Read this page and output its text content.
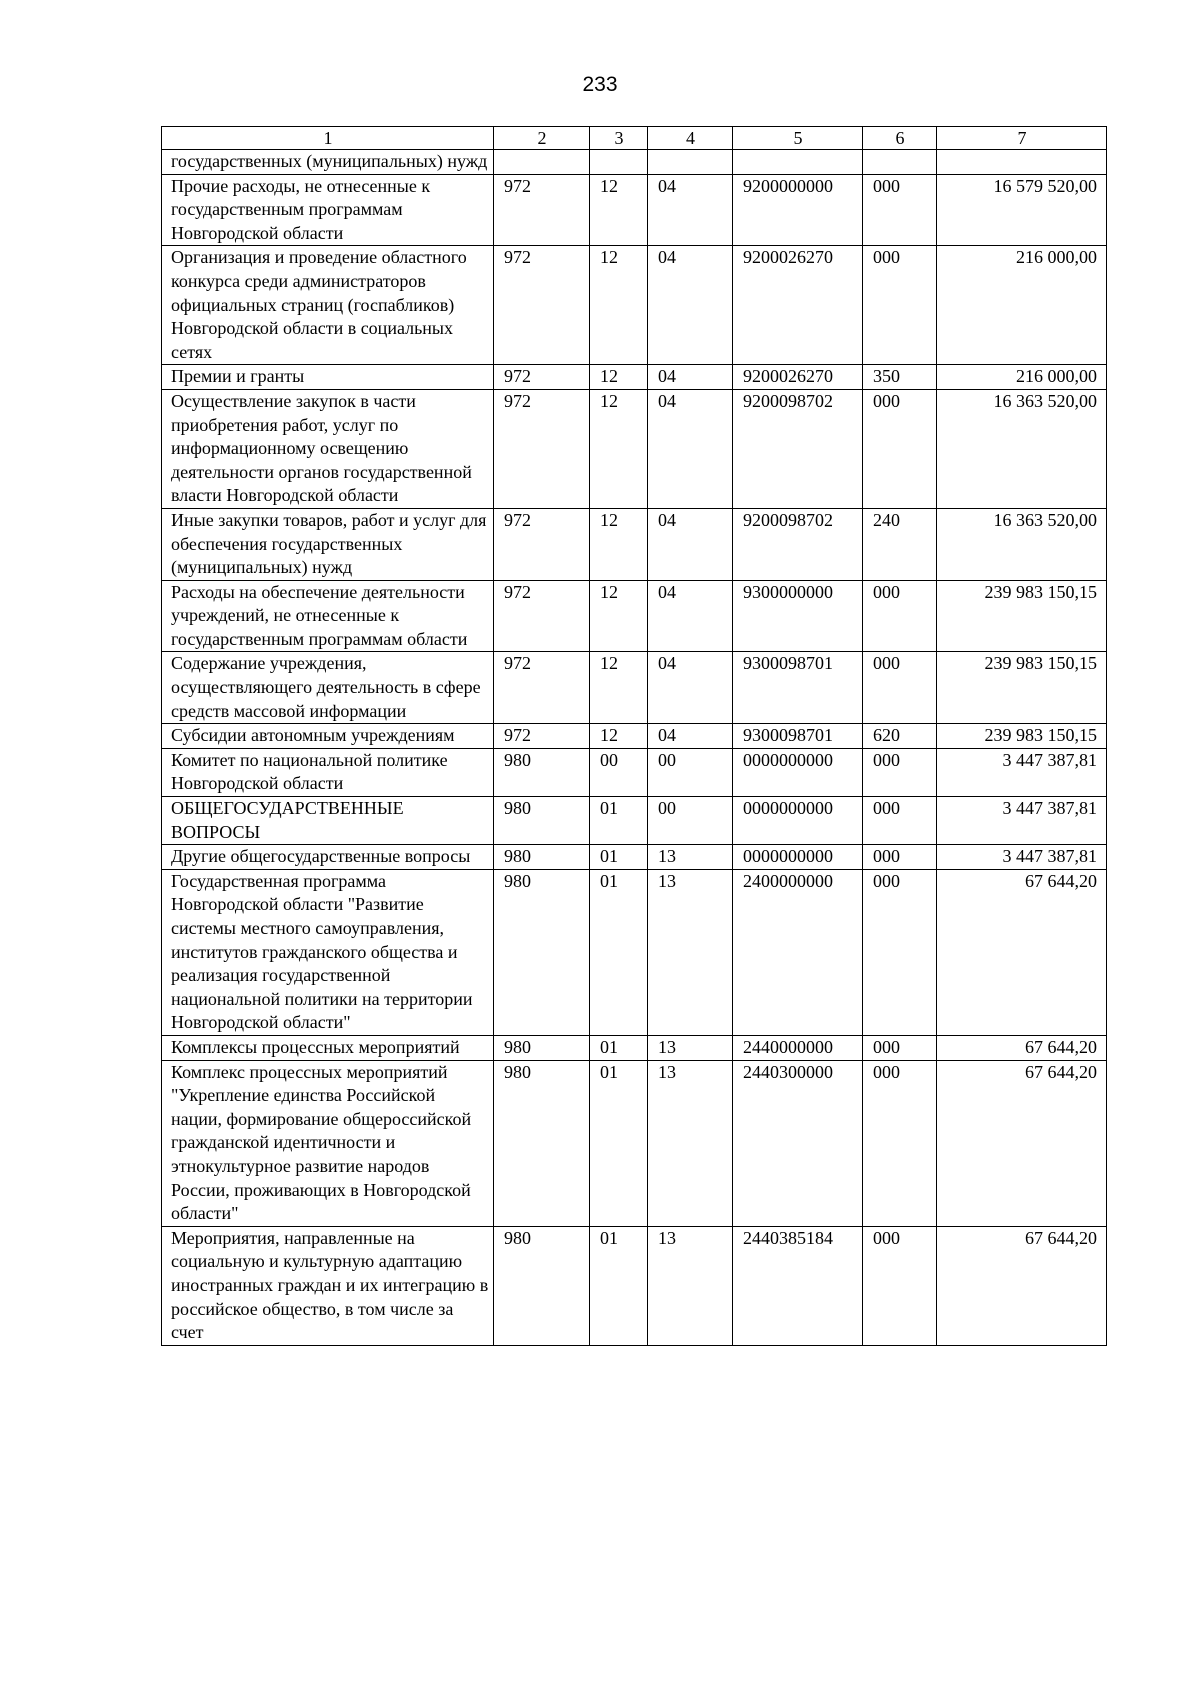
233
1	2	3	4	5	6	7
государственных (муниципальных) нужд						
Прочие расходы, не отнесенные к государственным программам Новгородской области	972	12	04	9200000000	000	16 579 520,00
Организация и проведение областного конкурса среди администраторов официальных страниц (госпабликов) Новгородской области в социальных сетях	972	12	04	9200026270	000	216 000,00
Премии и гранты	972	12	04	9200026270	350	216 000,00
Осуществление закупок в части приобретения работ, услуг по информационному освещению деятельности органов государственной власти Новгородской области	972	12	04	9200098702	000	16 363 520,00
Иные закупки товаров, работ и услуг для обеспечения государственных (муниципальных) нужд	972	12	04	9200098702	240	16 363 520,00
Расходы на обеспечение деятельности учреждений, не отнесенные к государственным программам области	972	12	04	9300000000	000	239 983 150,15
Содержание учреждения, осуществляющего деятельность в сфере средств массовой информации	972	12	04	9300098701	000	239 983 150,15
Субсидии автономным учреждениям	972	12	04	9300098701	620	239 983 150,15
Комитет по национальной политике Новгородской области	980	00	00	0000000000	000	3 447 387,81
ОБЩЕГОСУДАРСТВЕННЫЕ ВОПРОСЫ	980	01	00	0000000000	000	3 447 387,81
Другие общегосударственные вопросы	980	01	13	0000000000	000	3 447 387,81
Государственная программа Новгородской области "Развитие системы местного самоуправления, институтов гражданского общества и реализация государственной национальной политики на территории Новгородской области"	980	01	13	2400000000	000	67 644,20
Комплексы процессных мероприятий	980	01	13	2440000000	000	67 644,20
Комплекс процессных мероприятий "Укрепление единства Российской нации, формирование общероссийской гражданской идентичности и этнокультурное развитие народов России, проживающих в Новгородской области"	980	01	13	2440300000	000	67 644,20
Мероприятия, направленные на социальную и культурную адаптацию иностранных граждан и их интеграцию в российское общество, в том числе за счет	980	01	13	2440385184	000	67 644,20
